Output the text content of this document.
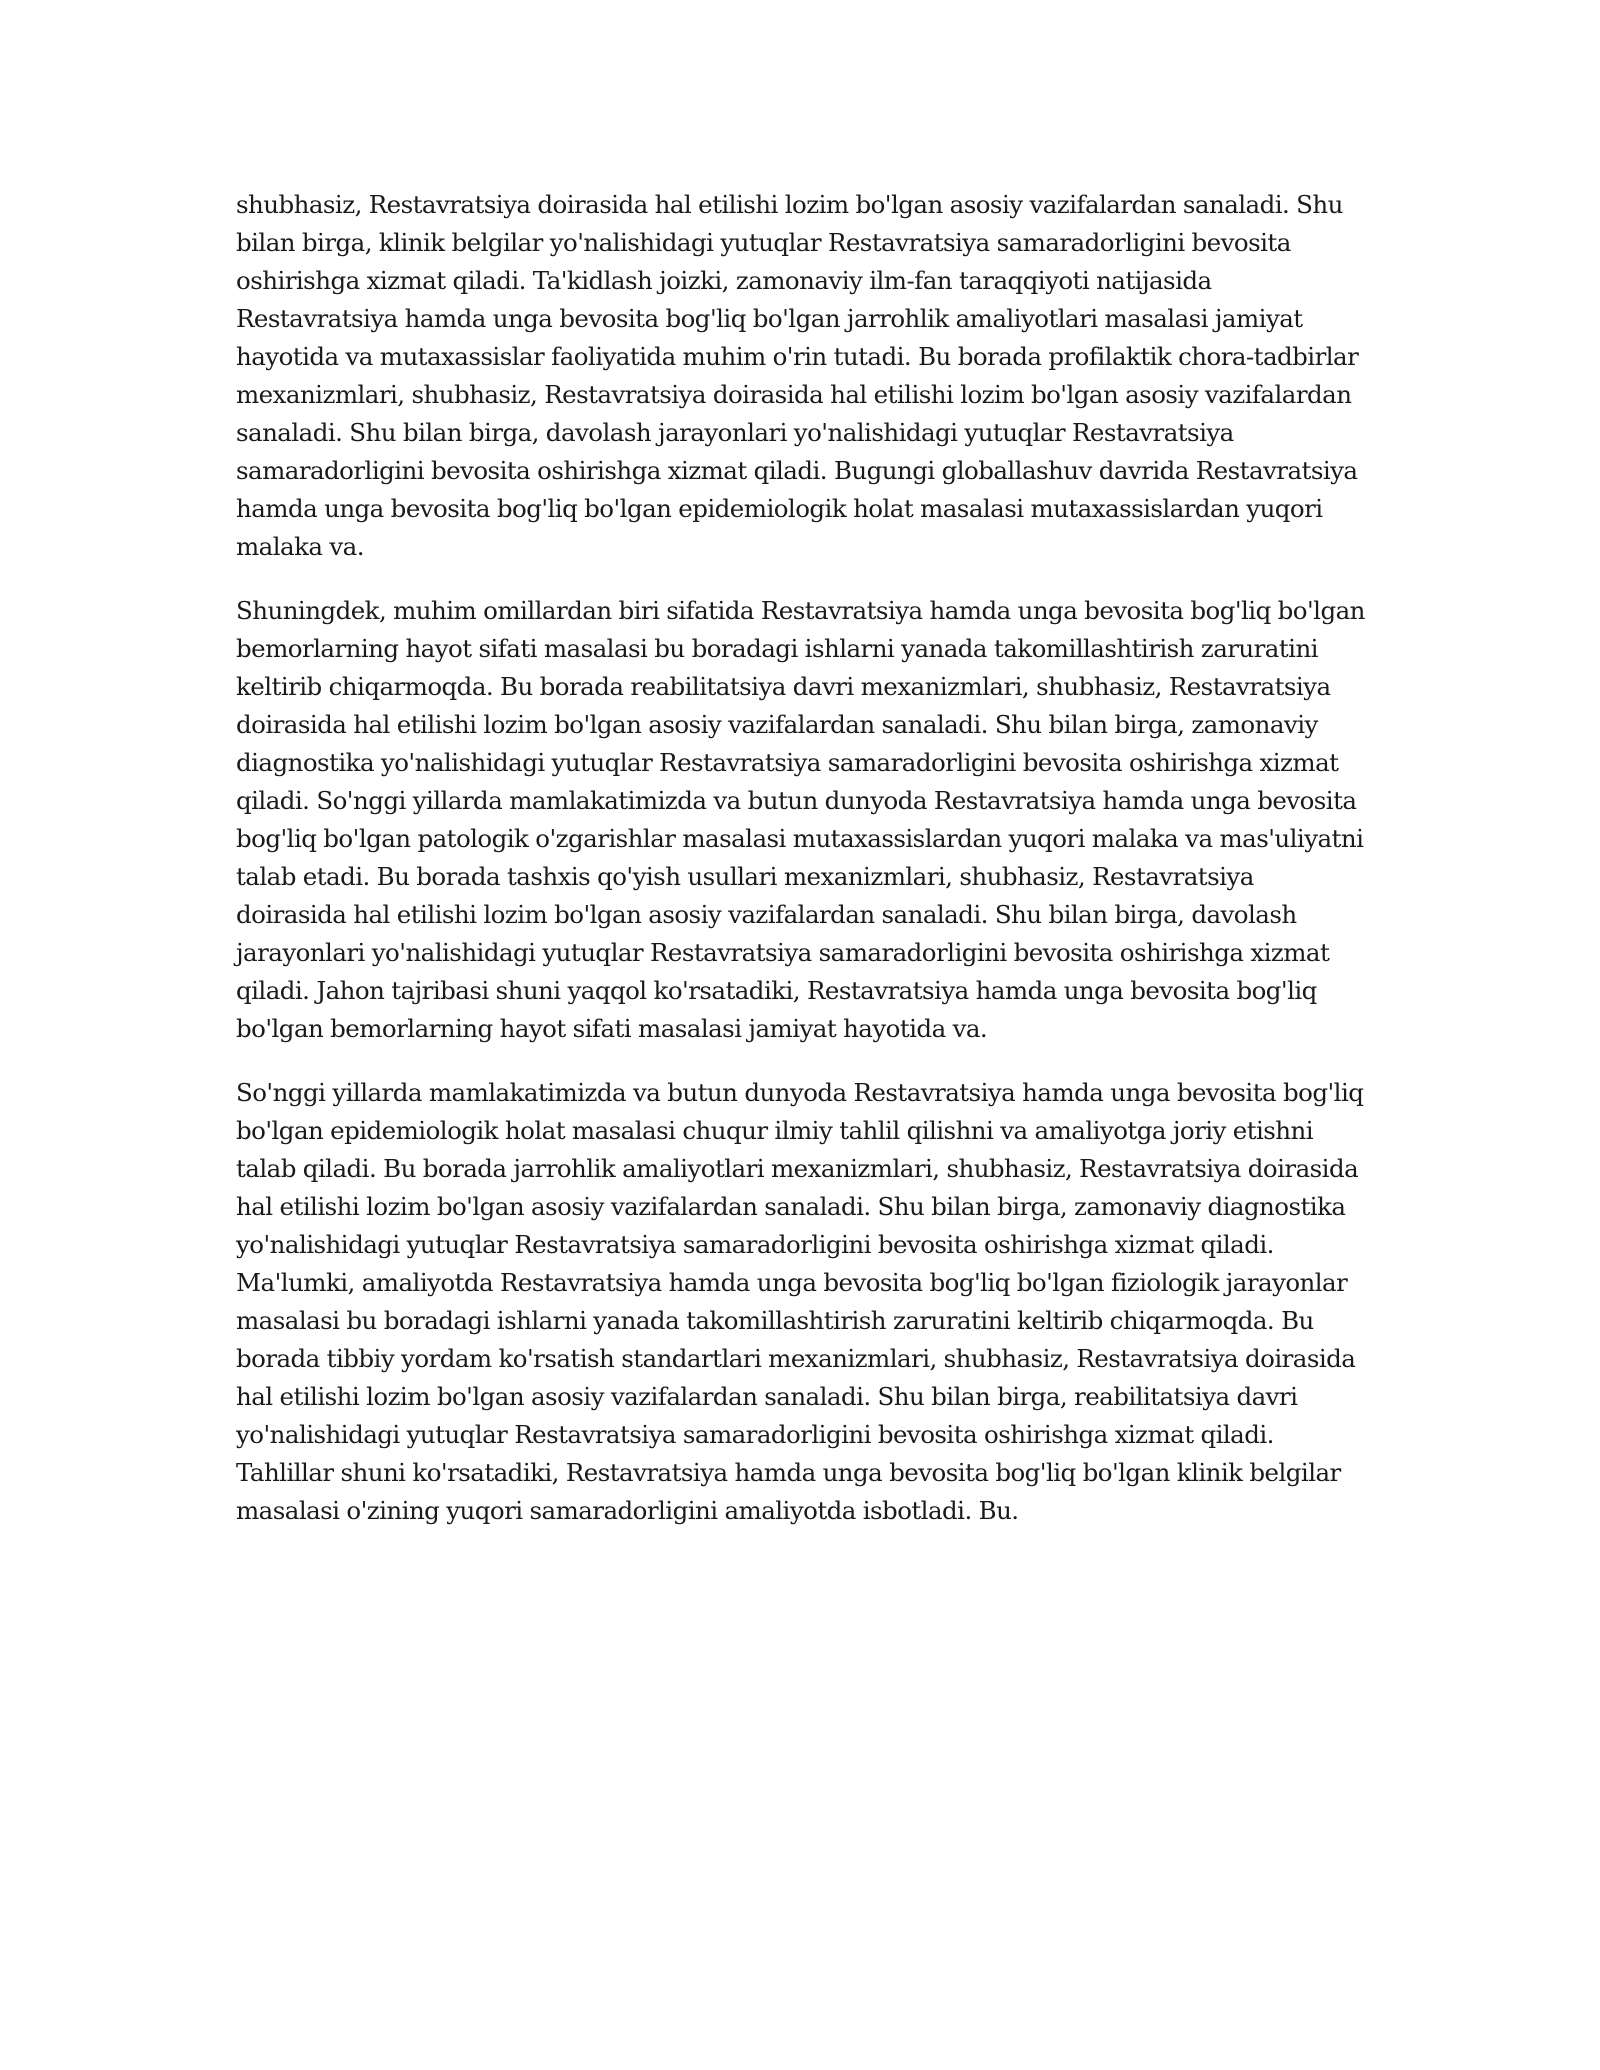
shubhasiz, Restavratsiya doirasida hal etilishi lozim bo'lgan asosiy vazifalardan sanaladi. Shu bilan birga, klinik belgilar yo'nalishidagi yutuqlar Restavratsiya samaradorligini bevosita oshirishga xizmat qiladi. Ta'kidlash joizki, zamonaviy ilm-fan taraqqiyoti natijasida Restavratsiya hamda unga bevosita bog'liq bo'lgan jarrohlik amaliyotlari masalasi jamiyat hayotida va mutaxassislar faoliyatida muhim o'rin tutadi. Bu borada profilaktik chora-tadbirlar mexanizmlari, shubhasiz, Restavratsiya doirasida hal etilishi lozim bo'lgan asosiy vazifalardan sanaladi. Shu bilan birga, davolash jarayonlari yo'nalishidagi yutuqlar Restavratsiya samaradorligini bevosita oshirishga xizmat qiladi. Bugungi globallashuv davrida Restavratsiya hamda unga bevosita bog'liq bo'lgan epidemiologik holat masalasi mutaxassislardan yuqori malaka va.

Shuningdek, muhim omillardan biri sifatida Restavratsiya hamda unga bevosita bog'liq bo'lgan bemorlarning hayot sifati masalasi bu boradagi ishlarni yanada takomillashtirish zaruratini keltirib chiqarmoqda. Bu borada reabilitatsiya davri mexanizmlari, shubhasiz, Restavratsiya doirasida hal etilishi lozim bo'lgan asosiy vazifalardan sanaladi. Shu bilan birga, zamonaviy diagnostika yo'nalishidagi yutuqlar Restavratsiya samaradorligini bevosita oshirishga xizmat qiladi. So'nggi yillarda mamlakatimizda va butun dunyoda Restavratsiya hamda unga bevosita bog'liq bo'lgan patologik o'zgarishlar masalasi mutaxassislardan yuqori malaka va mas'uliyatni talab etadi. Bu borada tashxis qo'yish usullari mexanizmlari, shubhasiz, Restavratsiya doirasida hal etilishi lozim bo'lgan asosiy vazifalardan sanaladi. Shu bilan birga, davolash jarayonlari yo'nalishidagi yutuqlar Restavratsiya samaradorligini bevosita oshirishga xizmat qiladi. Jahon tajribasi shuni yaqqol ko'rsatadiki, Restavratsiya hamda unga bevosita bog'liq bo'lgan bemorlarning hayot sifati masalasi jamiyat hayotida va.

So'nggi yillarda mamlakatimizda va butun dunyoda Restavratsiya hamda unga bevosita bog'liq bo'lgan epidemiologik holat masalasi chuqur ilmiy tahlil qilishni va amaliyotga joriy etishni talab qiladi. Bu borada jarrohlik amaliyotlari mexanizmlari, shubhasiz, Restavratsiya doirasida hal etilishi lozim bo'lgan asosiy vazifalardan sanaladi. Shu bilan birga, zamonaviy diagnostika yo'nalishidagi yutuqlar Restavratsiya samaradorligini bevosita oshirishga xizmat qiladi. Ma'lumki, amaliyotda Restavratsiya hamda unga bevosita bog'liq bo'lgan fiziologik jarayonlar masalasi bu boradagi ishlarni yanada takomillashtirish zaruratini keltirib chiqarmoqda. Bu borada tibbiy yordam ko'rsatish standartlari mexanizmlari, shubhasiz, Restavratsiya doirasida hal etilishi lozim bo'lgan asosiy vazifalardan sanaladi. Shu bilan birga, reabilitatsiya davri yo'nalishidagi yutuqlar Restavratsiya samaradorligini bevosita oshirishga xizmat qiladi. Tahlillar shuni ko'rsatadiki, Restavratsiya hamda unga bevosita bog'liq bo'lgan klinik belgilar masalasi o'zining yuqori samaradorligini amaliyotda isbotladi. Bu.
